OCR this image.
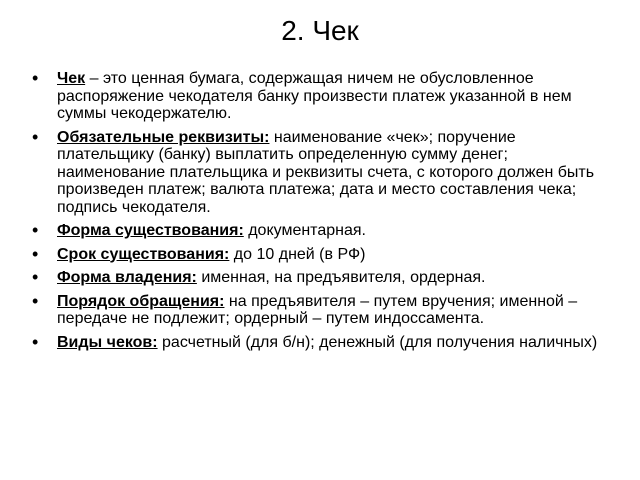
2. Чек
• Чек – это ценная бумага, содержащая ничем не обусловленное распоряжение чекодателя банку произвести платеж указанной в нем суммы чекодержателю.
• Обязательные реквизиты: наименование «чек»; поручение плательщику (банку) выплатить определенную сумму денег; наименование плательщика и реквизиты счета, с которого должен быть произведен платеж; валюта платежа; дата и место составления чека; подпись чекодателя.
• Форма существования: документарная.
• Срок существования: до 10 дней (в РФ)
• Форма владения: именная, на предъявителя, ордерная.
• Порядок обращения: на предъявителя – путем вручения; именной – передаче не подлежит; ордерный – путем индоссамента.
• Виды чеков: расчетный (для б/н); денежный (для получения наличных)
